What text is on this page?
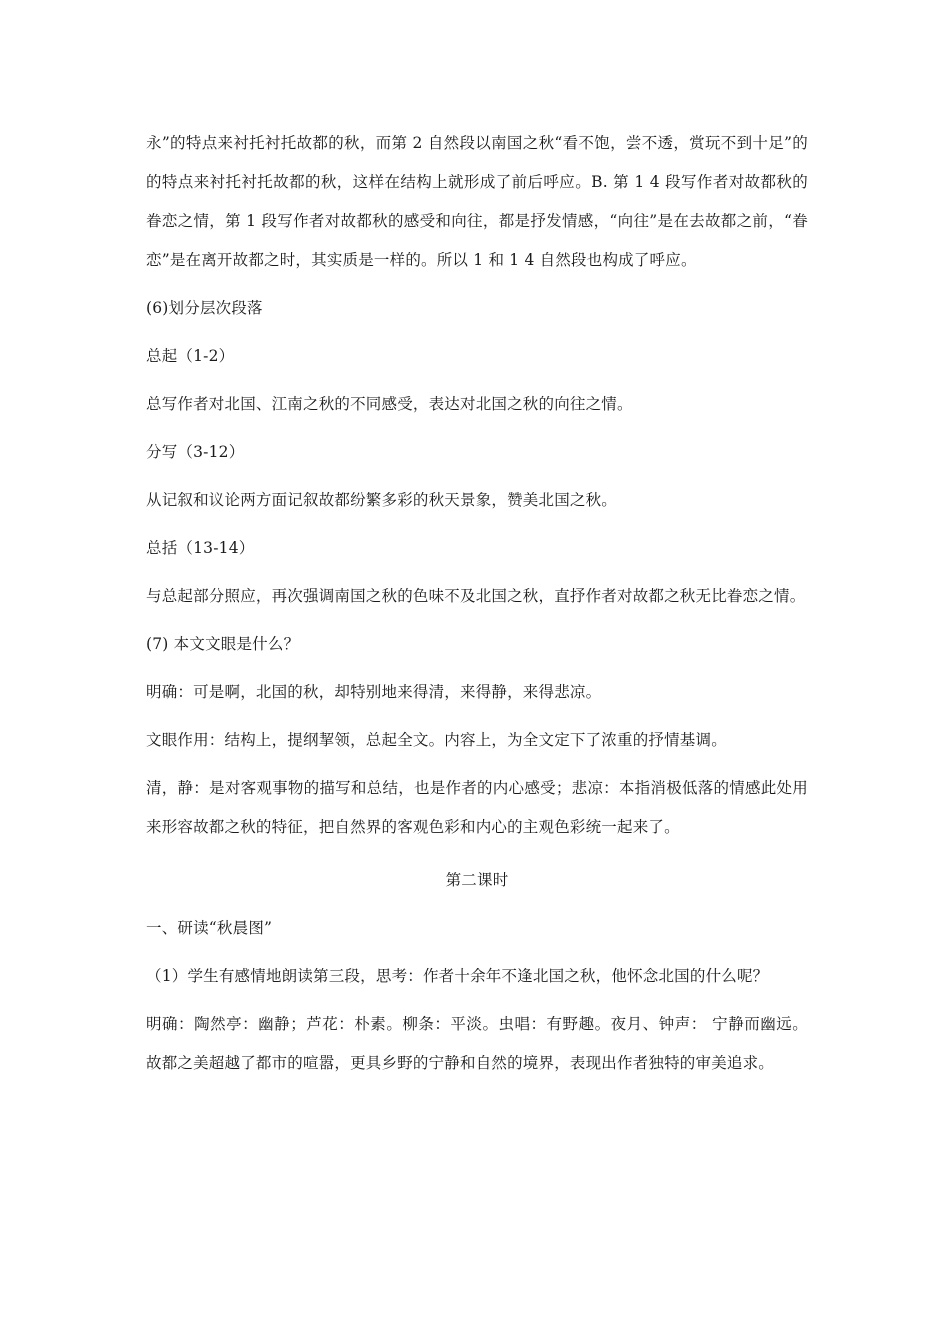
永”的特点来衬托衬托故都的秋，而第 2 自然段以南国之秋“看不饱，尝不透，赏玩不到十足”的的特点来衬托衬托故都的秋，这样在结构上就形成了前后呼应。B. 第 1 4 段写作者对故都秋的眷恋之情，第 1 段写作者对故都秋的感受和向往，都是抒发情感，“向往”是在去故都之前，“眷恋”是在离开故都之时，其实质是一样的。所以 1 和 1 4 自然段也构成了呼应。

(6)划分层次段落

总起（1-2）

总写作者对北国、江南之秋的不同感受，表达对北国之秋的向往之情。

分写（3-12）

从记叙和议论两方面记叙故都纷繁多彩的秋天景象，赞美北国之秋。

总括（13-14）

与总起部分照应，再次强调南国之秋的色味不及北国之秋，直抒作者对故都之秋无比眷恋之情。

(7) 本文文眼是什么？

明确：可是啊，北国的秋，却特别地来得清，来得静，来得悲凉。

文眼作用：结构上，提纲挈领，总起全文。内容上，为全文定下了浓重的抒情基调。

清，静：是对客观事物的描写和总结，也是作者的内心感受；悲凉：本指消极低落的情感此处用来形容故都之秋的特征，把自然界的客观色彩和内心的主观色彩统一起来了。

第二课时

一、研读“秋晨图”

（1）学生有感情地朗读第三段，思考：作者十余年不逢北国之秋，他怀念北国的什么呢？

明确：陶然亭：幽静；芦花：朴素。柳条：平淡。虫唱：有野趣。夜月、钟声： 宁静而幽远。故都之美超越了都市的喧嚣，更具乡野的宁静和自然的境界，表现出作者独特的审美追求。
